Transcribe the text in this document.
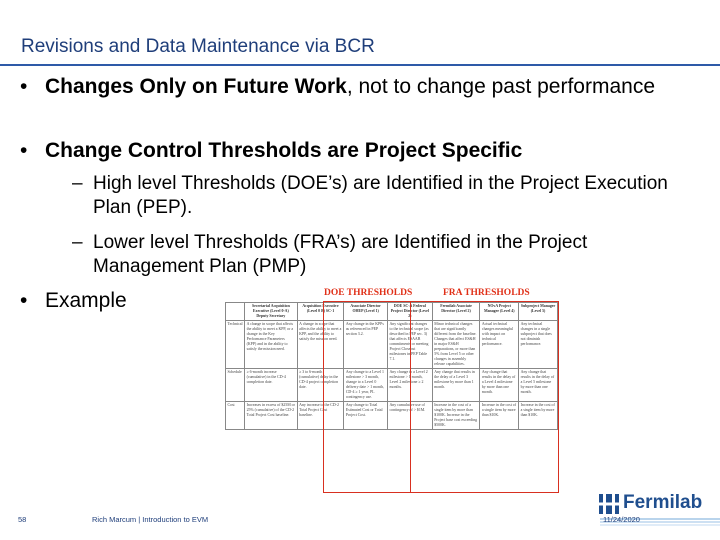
Revisions and Data Maintenance via BCR
• Changes Only on Future Work, not to change past performance
• Change Control Thresholds are Project Specific
– High level Thresholds (DOE’s) are Identified in the Project Execution Plan (PEP).
– Lower level Thresholds (FRA’s) are Identified in the Project Management Plan (PMP)
• Example	DOE THRESHOLDS	FRA THRESHOLDS
	Secretarial Acquisition Executive (Level 0-A) Deputy Secretary	Acquisition Executive (Level 0 B) SC-1	Associate Director OHEP (Level 1)	DOE SC-A Federal Project Director (Level 2)	Fermilab Associate Director (Level 2)	NOvA Project Manager (Level 4)	Subproject Manager (Level 5)
Technical	A change in scope that affects the ability to meet a KPP, or a change in the Key Performance Parameters (KPP) and in the ability to satisfy the mission need.	A change in scope that affects the ability to meet a KPP, and the ability to satisfy the mission need.	Any change in the KPPs as referenced in PEP section 3.2.	Any significant changes to the technical scope (as described in PEP sec. 3) that affects ESAAB commitments or meeting Project Closeout milestones in PEP Table 7.1.	Minor technical changes that are significantly different from the baseline. Changes that affect ES&H in major ES&H preparations, or more than 5% from Level 5 or other changes in assembly release capabilities.	Actual technical changes meaningful with impact on technical performance.	Any technical changes in a single subproject that does not diminish performance.
Schedule	≥ 6-month increase (cumulative) in the CD-4 completion date.	≥ 3 to 6-month (cumulative) delay in the CD-4 project completion date.	Any change to a Level 1 milestone > 3 month, change to a Level 0 delivery date > 1 month, CD-4 ≥ 1 year, PL contingency use.	Any change to a Level 2 milestone > 1 month, Level 2 milestone ≥ 2 months.	Any change that results in the delay of a Level 3 milestone by more than 1 month.	Any change that results in the delay of a Level 4 milestone by more than one month.	Any change that results in the delay of a Level 5 milestone by more than one month.
Cost	Increases in excess of $25M or 25% (cumulative) of the CD-2 Total Project Cost baseline.	Any increase to the CD-2 Total Project Cost baseline.	Any change to Total Estimated Cost or Total Project Cost.	Any cumulative use of contingency of > $1M.	Increase in the cost of a single item by more than $100K. Increase in the Project base cost exceeding $500K.	Increase in the cost of a single item by more than $10K.	Increase in the cost of a single item by more than $10K.
Fermilab
58	Rich Marcum | Introduction to EVM	11/24/2020
